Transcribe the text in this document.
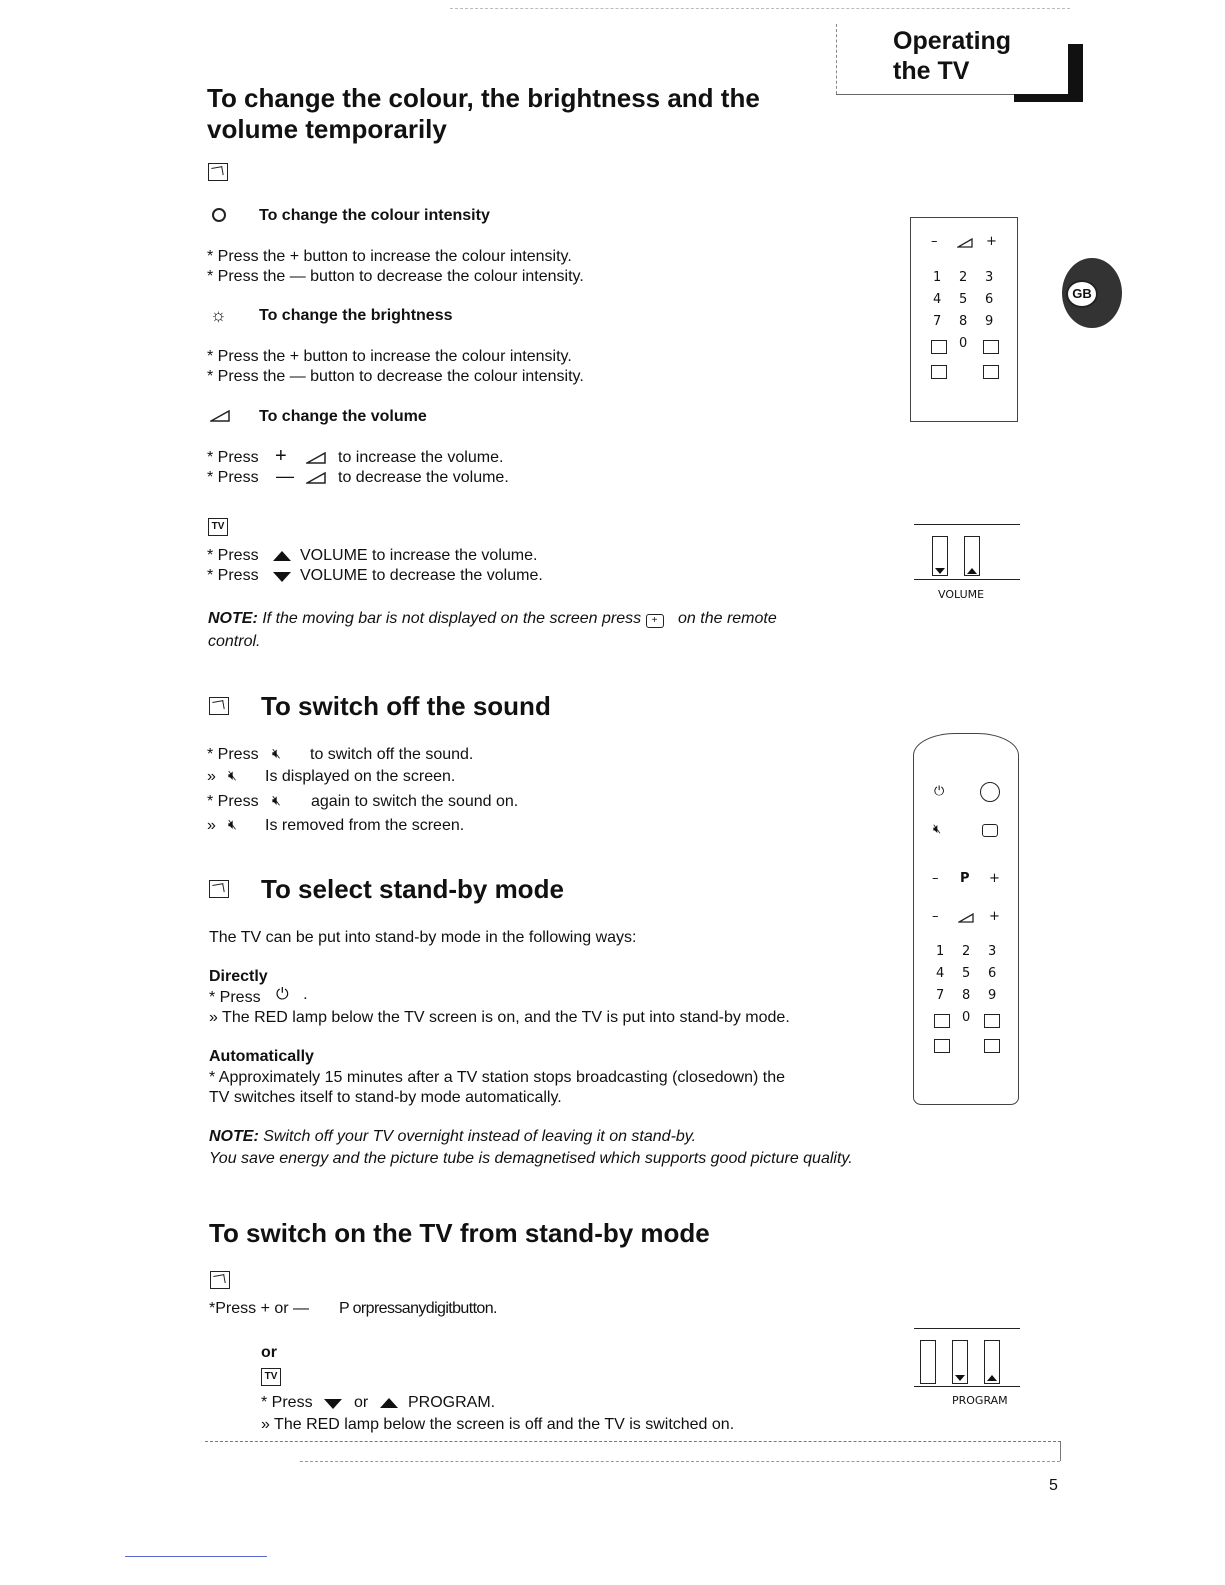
Operating
the TV
To change the colour, the brightness and the
volume temporarily
To change the colour intensity
* Press the + button to increase the colour intensity.
* Press the — button to decrease the colour intensity.
☼ To change the brightness
* Press the + button to increase the colour intensity.
* Press the — button to decrease the colour intensity.
To change the volume
* Press +	to increase the volume.
* Press —	to decrease the volume.
TV
* Press	VOLUME to increase the volume.
* Press	VOLUME to decrease the volume.
NOTE: If the moving bar is not displayed on the screen press + on the remote
control.
To switch off the sound
* Press 🔇︎ to switch off the sound.
» 🔇︎ Is displayed on the screen.
* Press 🔇︎ again to switch the sound on.
» 🔇︎ Is removed from the screen.
To select stand-by mode
The TV can be put into stand-by mode in the following ways:
Directly
* Press ⏻ .
» The RED lamp below the TV screen is on, and the TV is put into stand-by mode.
Automatically
* Approximately 15 minutes after a TV station stops broadcasting (closedown) the
TV switches itself to stand-by mode automatically.
NOTE: Switch off your TV overnight instead of leaving it on stand-by.
You save energy and the picture tube is demagnetised which supports good picture quality.
To switch on the TV from stand-by mode
*Press + or — P orpressanydigitbutton.
or
TV
* Press	or PROGRAM.
» The RED lamp below the screen is off and the TV is switched on.
5
–	+
1 2 3
4 5 6
7 8 9
0
GB
VOLUME
⏻
🔇︎
– P +
–	+
1 2 3
4 5 6
7 8 9
0
PROGRAM
